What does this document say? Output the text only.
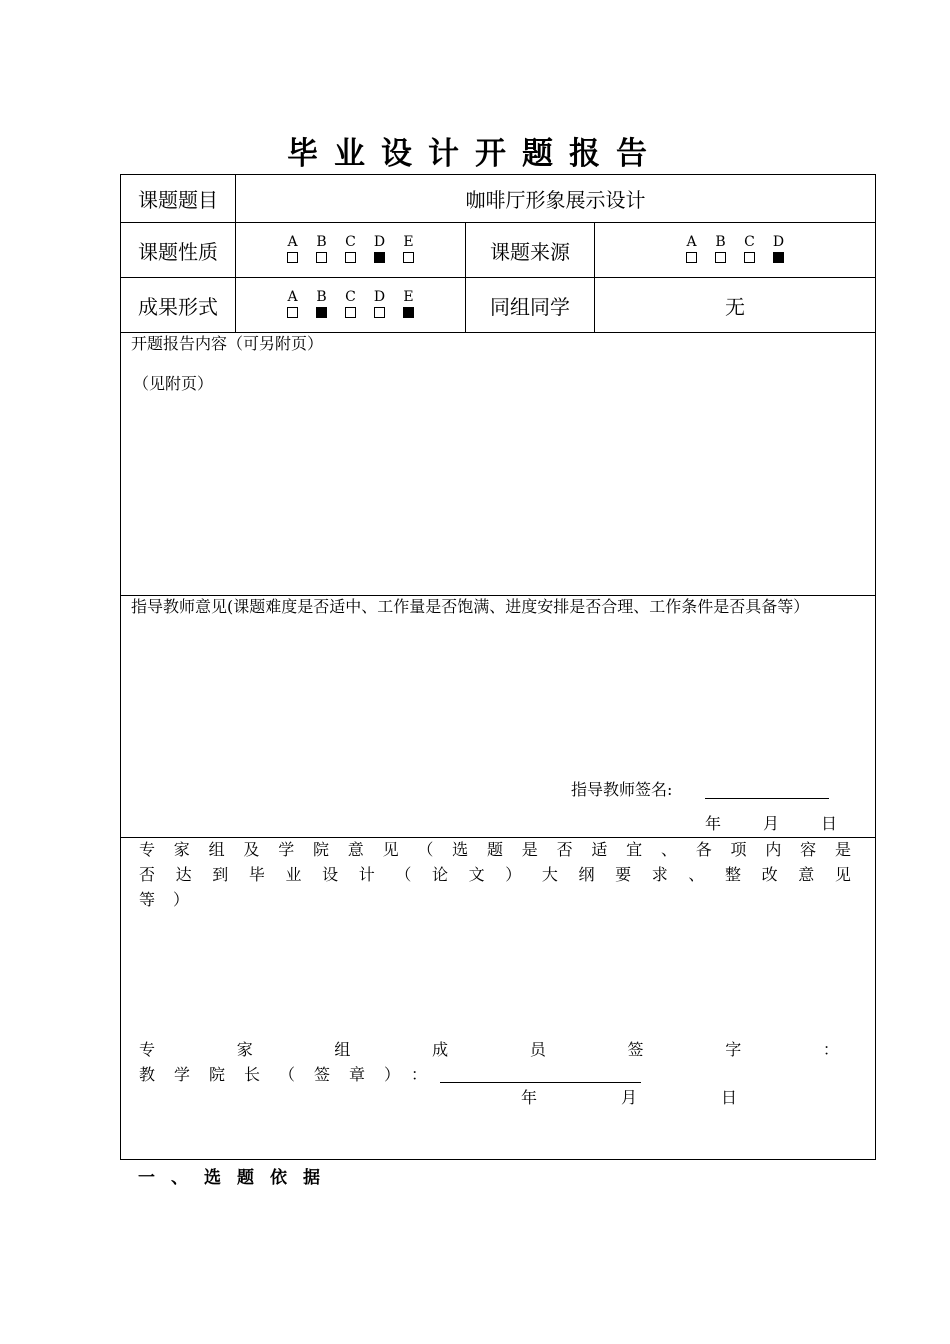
毕业设计开题报告
课题题目	咖啡厅形象展示设计
课题性质	A B C D E	课题来源	A B C D
成果形式	A B C D E	同组同学	无
开题报告内容（可另附页）
（见附页）
指导教师意见(课题难度是否适中、工作量是否饱满、进度安排是否合理、工作条件是否具备等）
指导教师签名:
年	月	日
专 家 组 及 学 院 意 见 （ 选 题 是 否 适 宜 、 各 项 内 容 是
否 达 到 毕 业 设 计 （ 论 文 ） 大 纲 要 求 、 整 改 意 见
等）
专	家	组	成	员	签	字	：
教学院长（签章）：
年	月	日
一、选题依据
